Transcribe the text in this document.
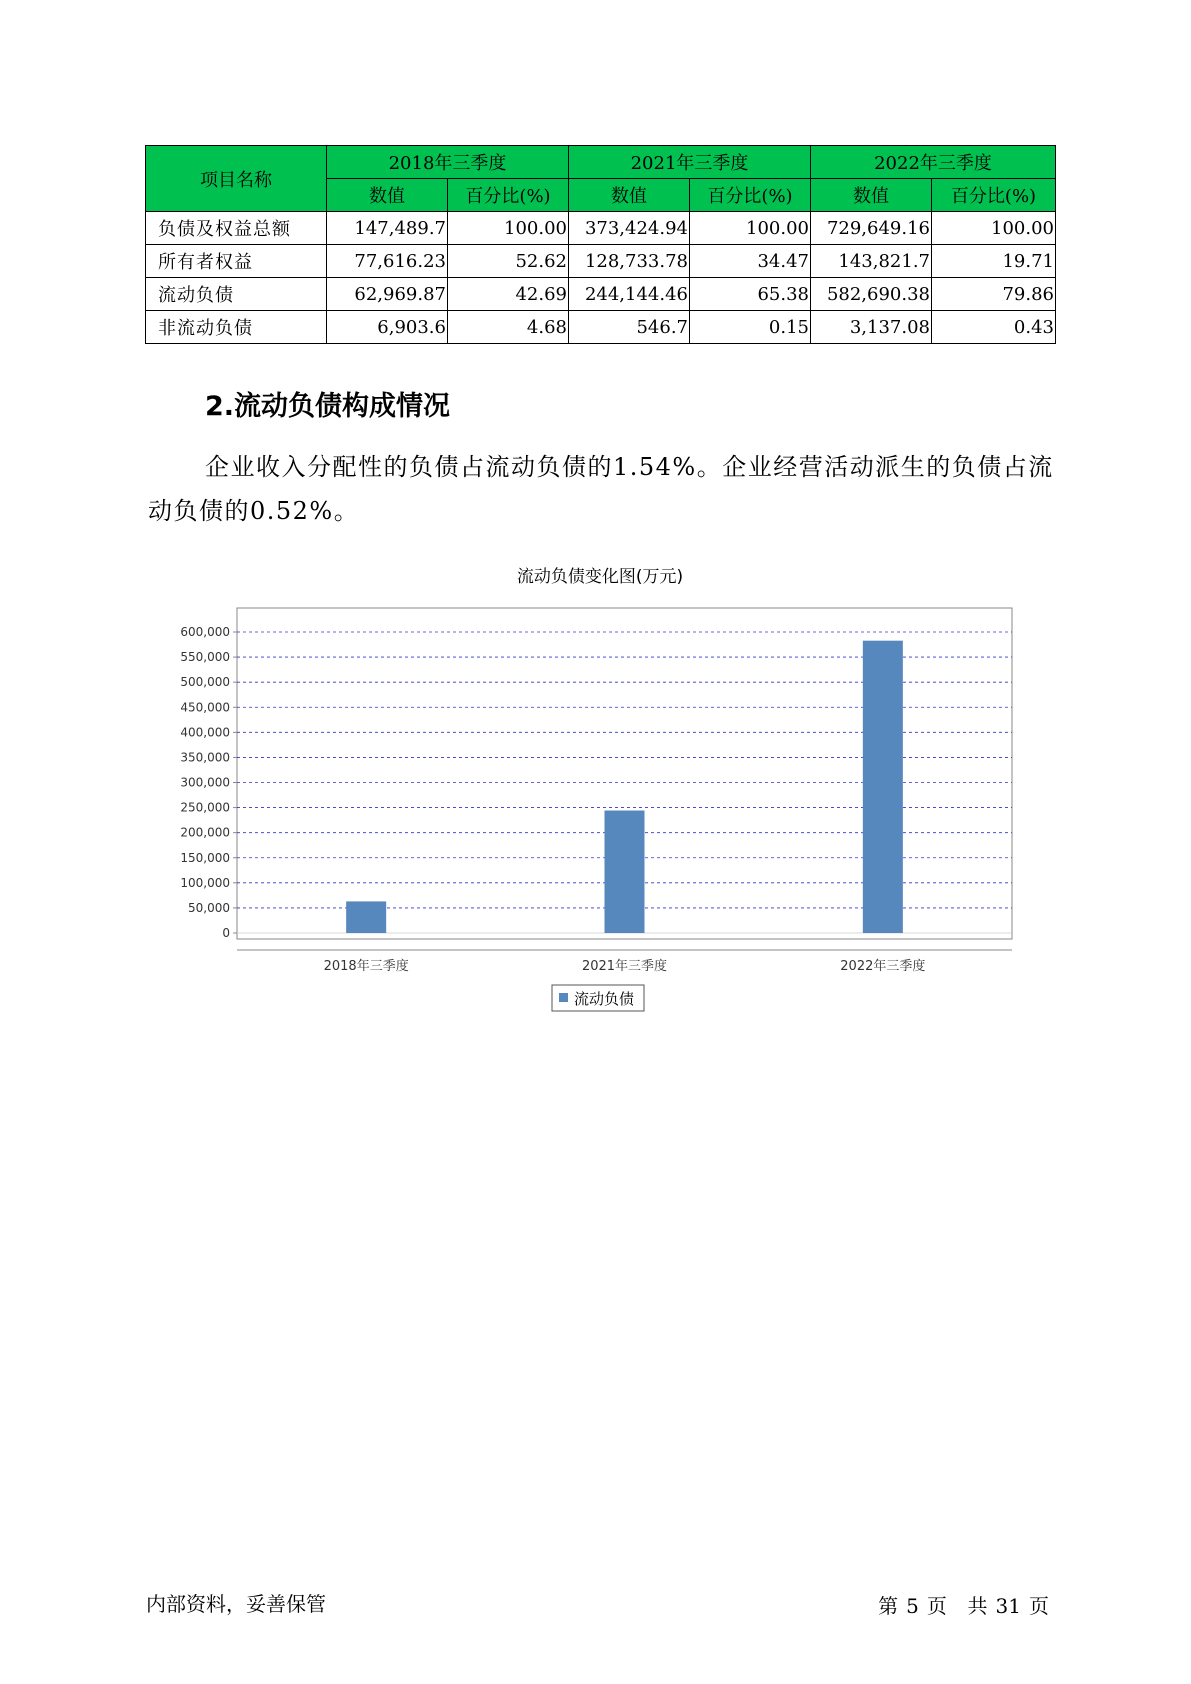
项目名称	2018年三季度		2021年三季度		2022年三季度	
	数值	百分比(%)	数值	百分比(%)	数值	百分比(%)
负债及权益总额	147,489.7	100.00	373,424.94	100.00	729,649.16	100.00
所有者权益	77,616.23	52.62	128,733.78	34.47	143,821.7	19.71
流动负债	62,969.87	42.69	244,144.46	65.38	582,690.38	79.86
非流动负债	6,903.6	4.68	546.7	0.15	3,137.08	0.43
2.流动负债构成情况

企业收入分配性的负债占流动负债的1.54%。企业经营活动派生的负债占流动负债的0.52%。

流动负债变化图(万元)
0
50,000
100,000
150,000
200,000
250,000
300,000
350,000
400,000
450,000
500,000
550,000
600,000
2018年三季度	2021年三季度	2022年三季度
流动负债
内部资料，妥善保管	第 5 页 共 31 页
